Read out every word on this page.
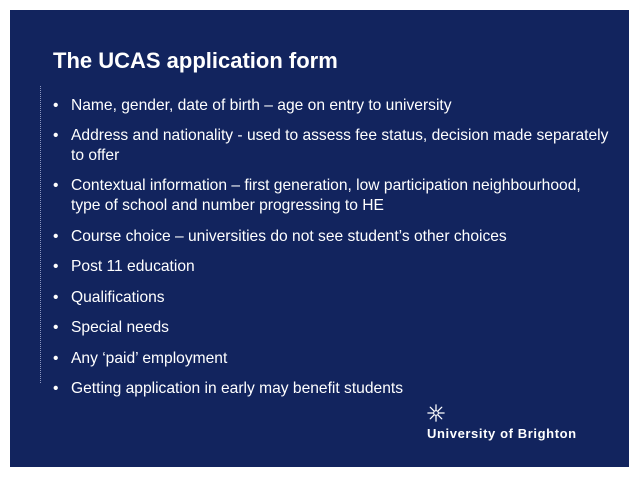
The UCAS application form
• Name, gender, date of birth – age on entry to university
• Address and nationality - used to assess fee status, decision made separately to offer
• Contextual information – first generation, low participation neighbourhood, type of school and number progressing to HE
• Course choice – universities do not see student’s other choices
• Post 11 education
• Qualifications
• Special needs
• Any ‘paid’ employment
• Getting application in early may benefit students
University of Brighton
